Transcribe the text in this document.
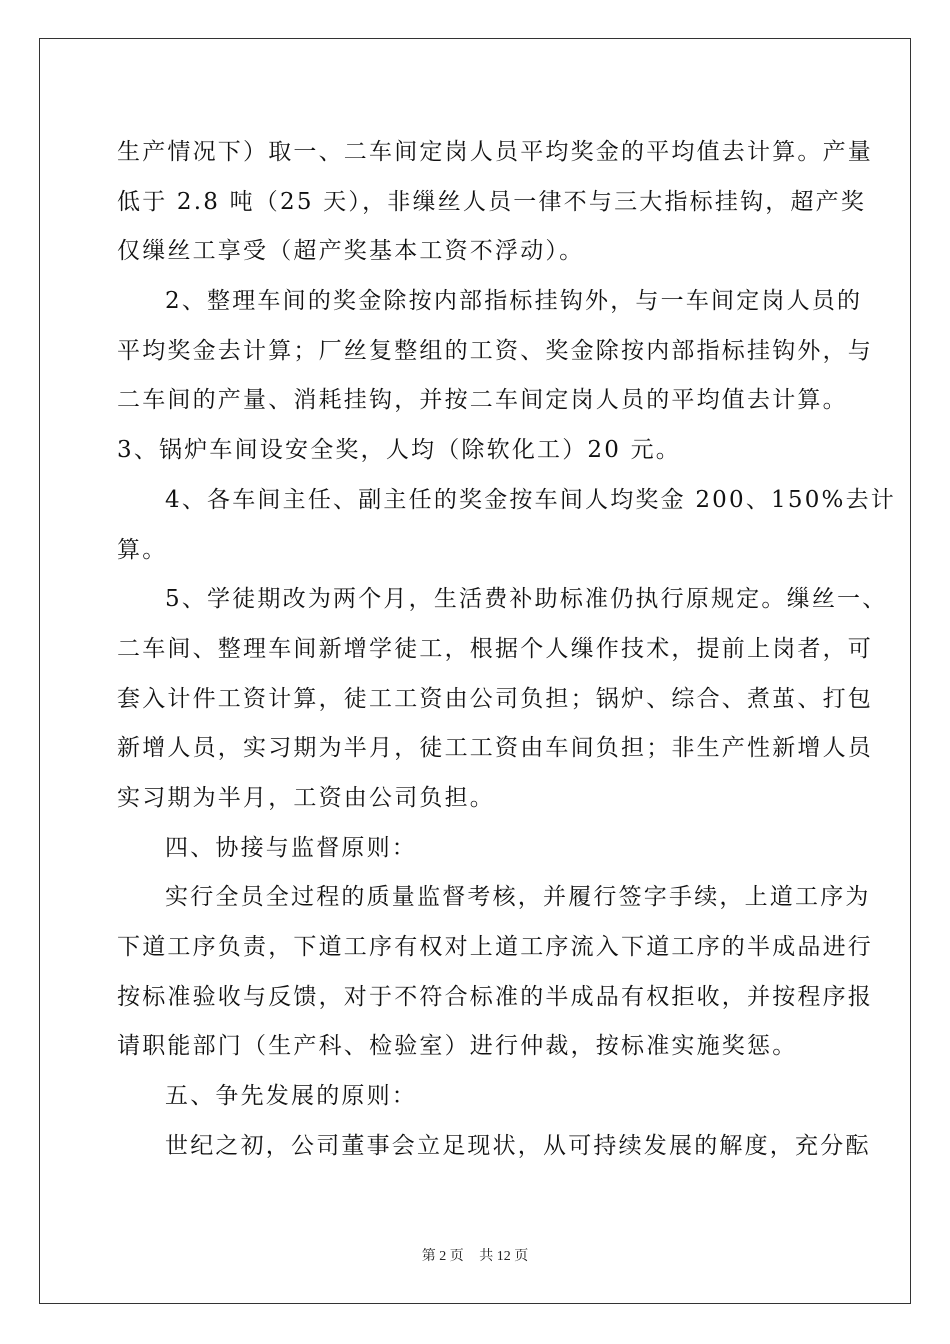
生产情况下）取一、二车间定岗人员平均奖金的平均值去计算。产量
低于 2.8 吨（25 天），非缫丝人员一律不与三大指标挂钩，超产奖
仅缫丝工享受（超产奖基本工资不浮动）。
2、整理车间的奖金除按内部指标挂钩外，与一车间定岗人员的
平均奖金去计算；厂丝复整组的工资、奖金除按内部指标挂钩外，与
二车间的产量、消耗挂钩，并按二车间定岗人员的平均值去计算。
3、锅炉车间设安全奖，人均（除软化工）20 元。
4、各车间主任、副主任的奖金按车间人均奖金 200、150%去计
算。
5、学徒期改为两个月，生活费补助标准仍执行原规定。缫丝一、
二车间、整理车间新增学徒工，根据个人缫作技术，提前上岗者，可
套入计件工资计算，徒工工资由公司负担；锅炉、综合、煮茧、打包
新增人员，实习期为半月，徒工工资由车间负担；非生产性新增人员
实习期为半月，工资由公司负担。
四、协接与监督原则：
实行全员全过程的质量监督考核，并履行签字手续，上道工序为
下道工序负责，下道工序有权对上道工序流入下道工序的半成品进行
按标准验收与反馈，对于不符合标准的半成品有权拒收，并按程序报
请职能部门（生产科、检验室）进行仲裁，按标准实施奖惩。
五、争先发展的原则：
世纪之初，公司董事会立足现状，从可持续发展的解度，充分酝
第 2 页 共 12 页
